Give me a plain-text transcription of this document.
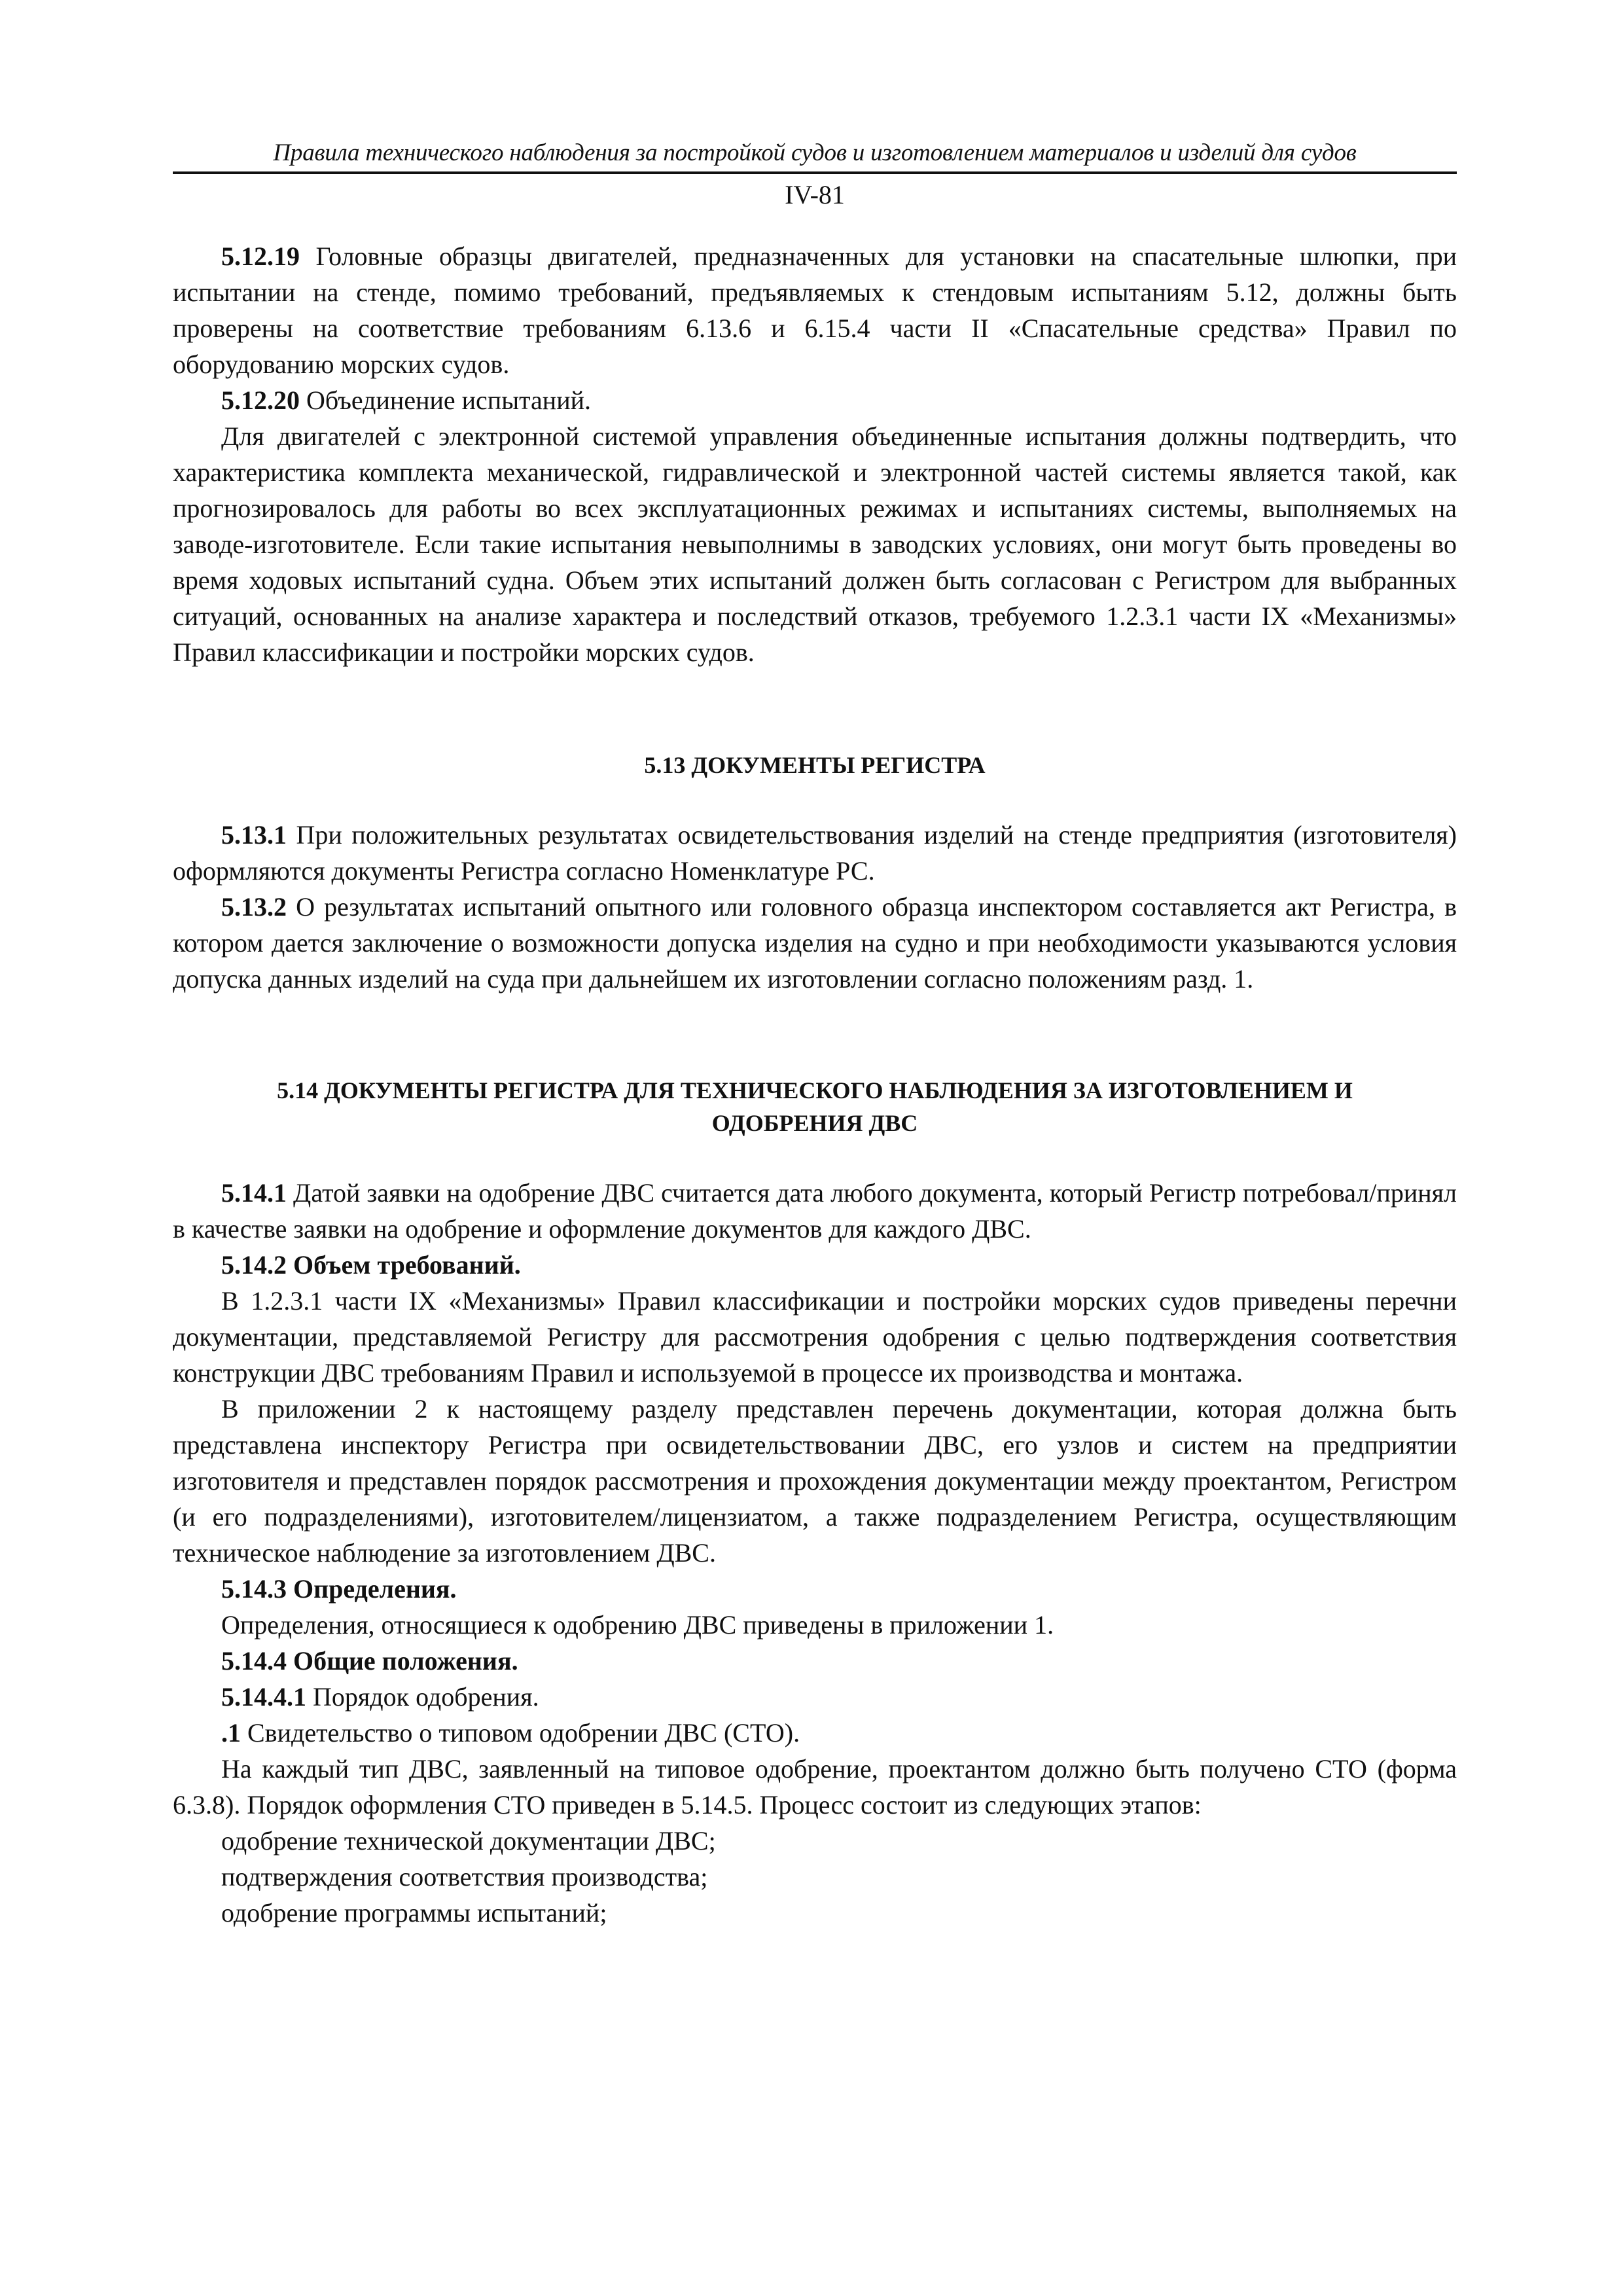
Правила технического наблюдения за постройкой судов и изготовлением материалов и изделий для судов
IV-81

5.12.19 Головные образцы двигателей, предназначенных для установки на спасательные шлюпки, при испытании на стенде, помимо требований, предъявляемых к стендовым испытаниям 5.12, должны быть проверены на соответствие требованиям 6.13.6 и 6.15.4 части II «Спасательные средства» Правил по оборудованию морских судов.

5.12.20 Объединение испытаний.

Для двигателей с электронной системой управления объединенные испытания должны подтвердить, что характеристика комплекта механической, гидравлической и электронной частей системы является такой, как прогнозировалось для работы во всех эксплуатационных режимах и испытаниях системы, выполняемых на заводе-изготовителе. Если такие испытания невыполнимы в заводских условиях, они могут быть проведены во время ходовых испытаний судна. Объем этих испытаний должен быть согласован с Регистром для выбранных ситуаций, основанных на анализе характера и последствий отказов, требуемого 1.2.3.1 части IX «Механизмы» Правил классификации и постройки морских судов.

5.13 ДОКУМЕНТЫ РЕГИСТРА

5.13.1 При положительных результатах освидетельствования изделий на стенде предприятия (изготовителя) оформляются документы Регистра согласно Номенклатуре РС.

5.13.2 О результатах испытаний опытного или головного образца инспектором составляется акт Регистра, в котором дается заключение о возможности допуска изделия на судно и при необходимости указываются условия допуска данных изделий на суда при дальнейшем их изготовлении согласно положениям разд. 1.

5.14 ДОКУМЕНТЫ РЕГИСТРА ДЛЯ ТЕХНИЧЕСКОГО НАБЛЮДЕНИЯ ЗА ИЗГОТОВЛЕНИЕМ И
ОДОБРЕНИЯ ДВС

5.14.1 Датой заявки на одобрение ДВС считается дата любого документа, который Регистр потребовал/принял в качестве заявки на одобрение и оформление документов для каждого ДВС.

5.14.2 Объем требований.

В 1.2.3.1 части IX «Механизмы» Правил классификации и постройки морских судов приведены перечни документации, представляемой Регистру для рассмотрения одобрения с целью подтверждения соответствия конструкции ДВС требованиям Правил и используемой в процессе их производства и монтажа.

В приложении 2 к настоящему разделу представлен перечень документации, которая должна быть представлена инспектору Регистра при освидетельствовании ДВС, его узлов и систем на предприятии изготовителя и представлен порядок рассмотрения и прохождения документации между проектантом, Регистром (и его подразделениями), изготовителем/лицензиатом, а также подразделением Регистра, осуществляющим техническое наблюдение за изготовлением ДВС.

5.14.3 Определения.

Определения, относящиеся к одобрению ДВС приведены в приложении 1.

5.14.4 Общие положения.

5.14.4.1 Порядок одобрения.

.1 Свидетельство о типовом одобрении ДВС (СТО).

На каждый тип ДВС, заявленный на типовое одобрение, проектантом должно быть получено СТО (форма 6.3.8). Порядок оформления СТО приведен в 5.14.5. Процесс состоит из следующих этапов:

одобрение технической документации ДВС;

подтверждения соответствия производства;

одобрение программы испытаний;
